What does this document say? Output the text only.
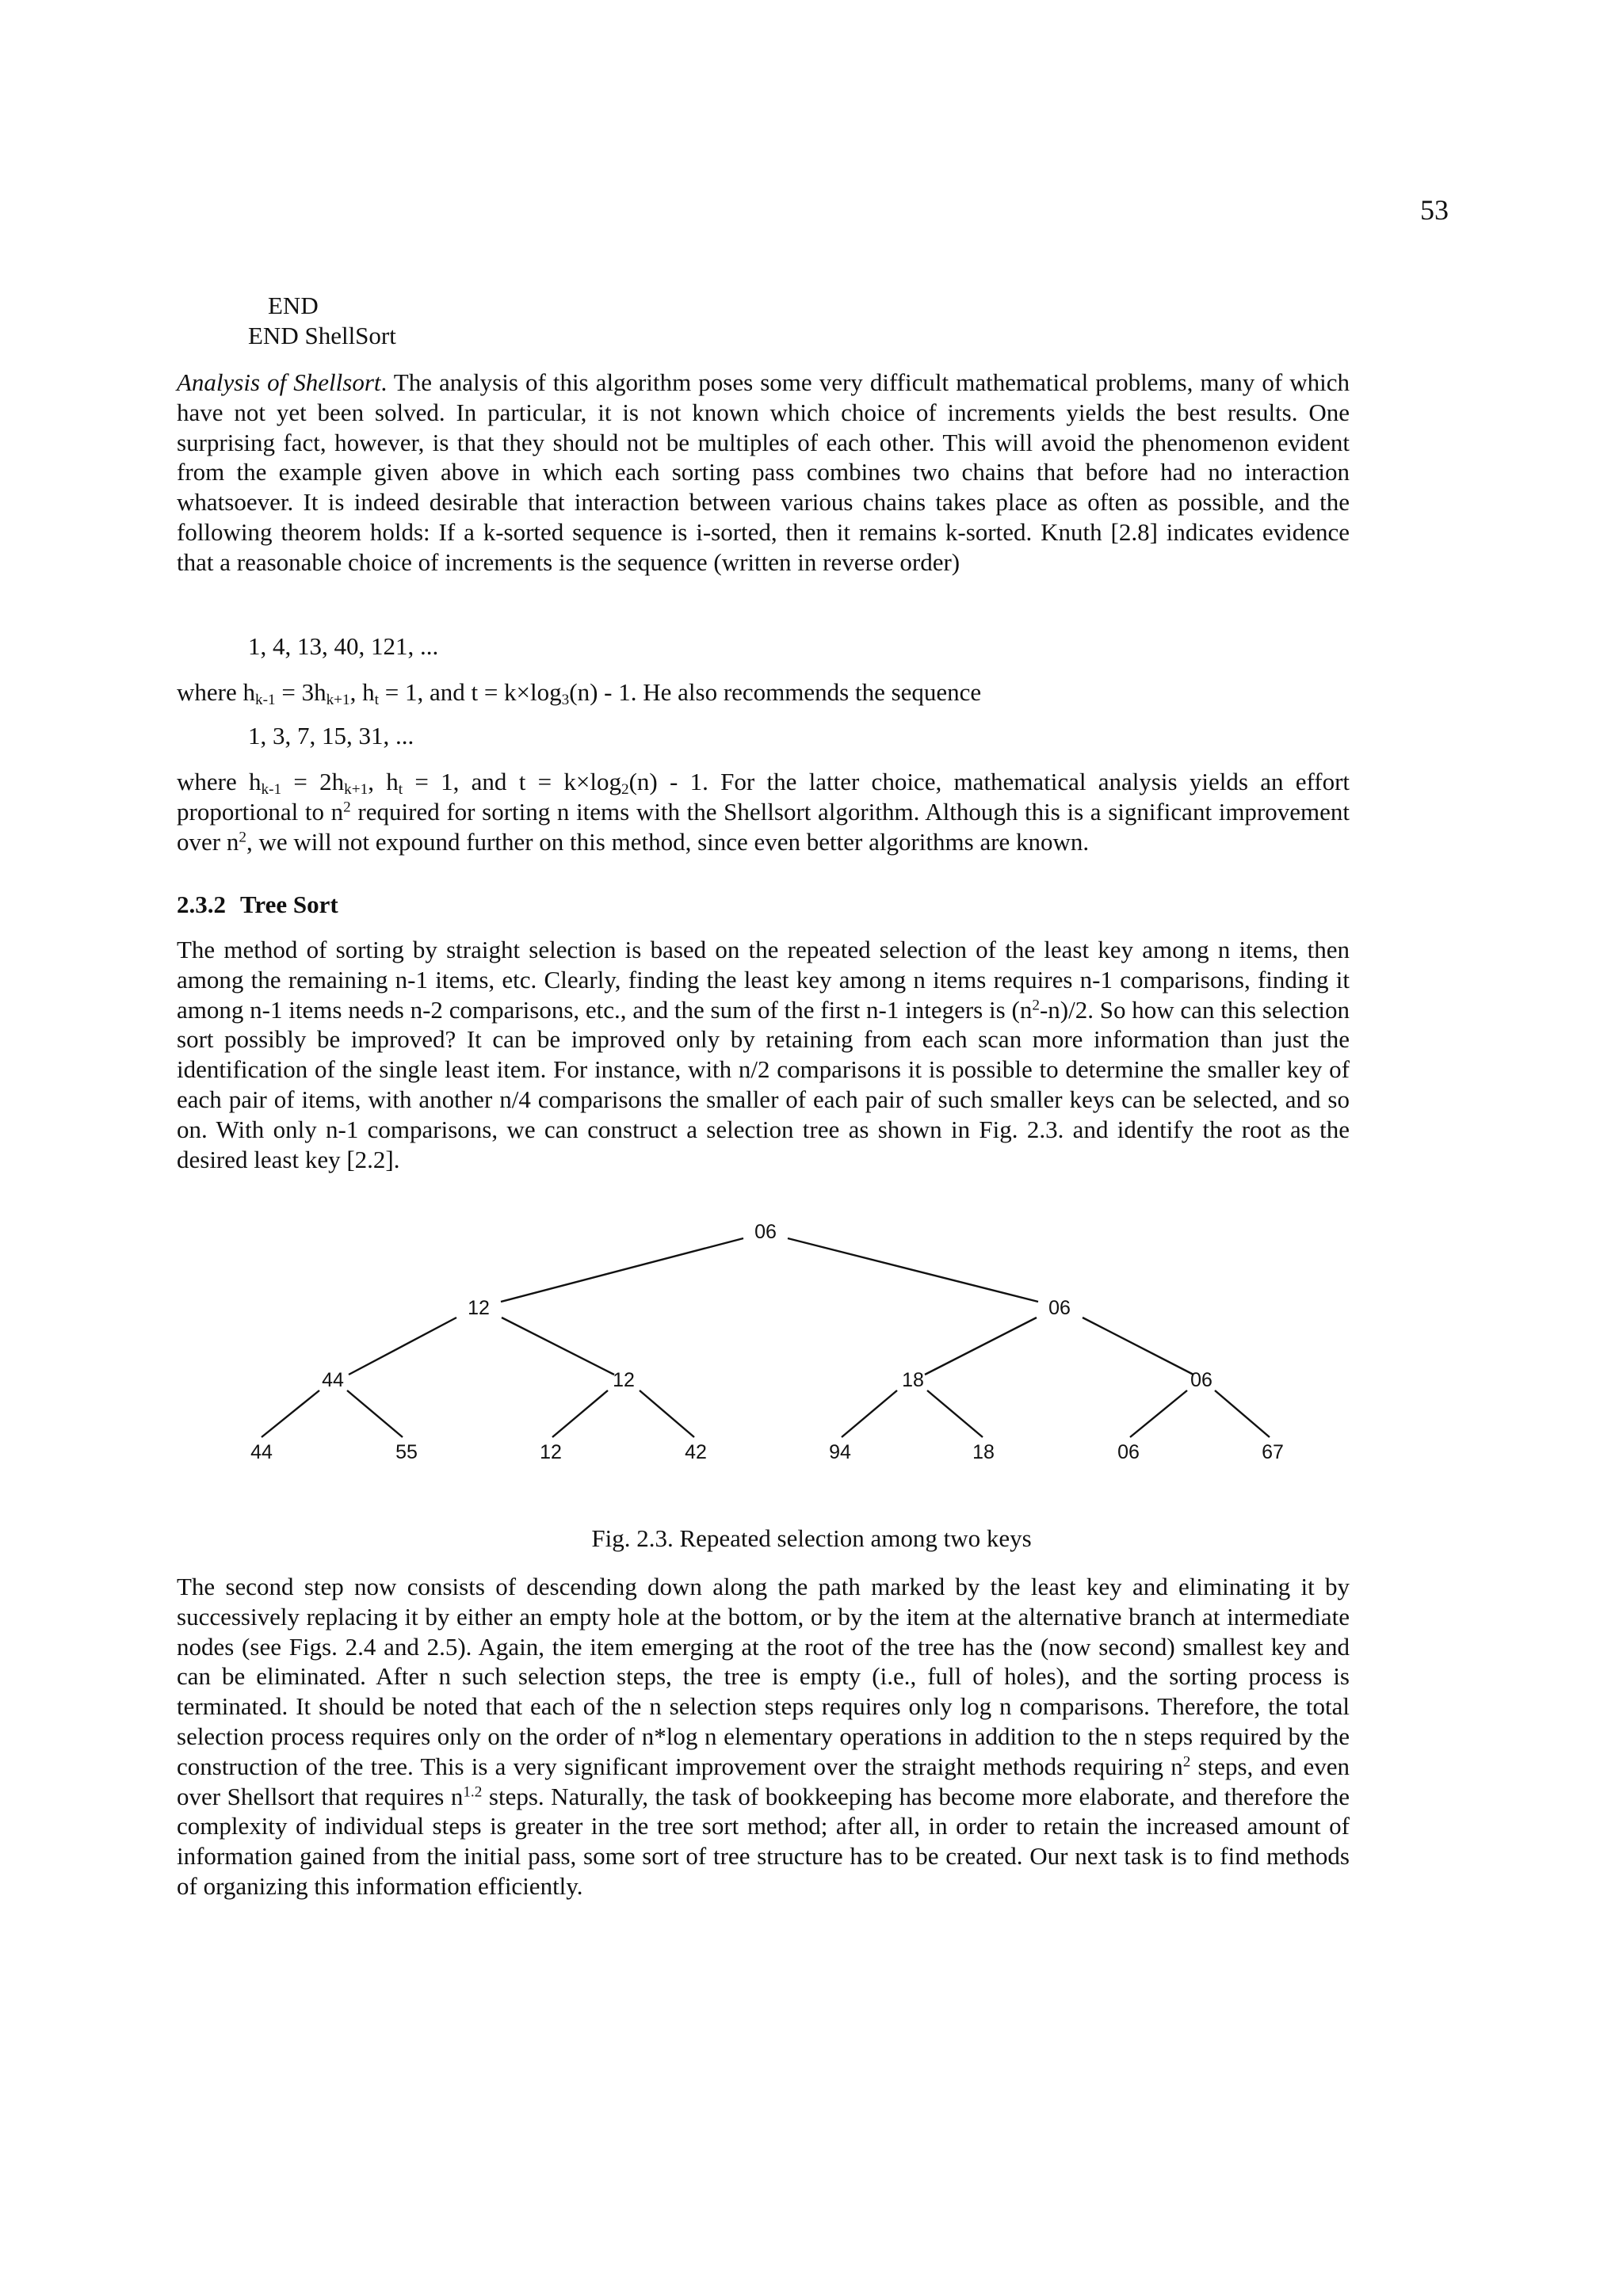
53
END
END ShellSort

Analysis of Shellsort. The analysis of this algorithm poses some very difficult mathematical problems, many of which have not yet been solved. In particular, it is not known which choice of increments yields the best results. One surprising fact, however, is that they should not be multiples of each other. This will avoid the phenomenon evident from the example given above in which each sorting pass combines two chains that before had no interaction whatsoever. It is indeed desirable that interaction between various chains takes place as often as possible, and the following theorem holds: If a k-sorted sequence is i-sorted, then it remains k-sorted. Knuth [2.8] indicates evidence that a reasonable choice of increments is the sequence (written in reverse order)

1, 4, 13, 40, 121, ...

where $h_{k-1} = 3h_{k+1}$, $h_t = 1$, and $t = k\times\log_3(n) - 1$. He also recommends the sequence

1, 3, 7, 15, 31, ...

where $h_{k-1} = 2h_{k+1}$, $h_t = 1$, and $t = k\times\log_2(n) - 1$. For the latter choice, mathematical analysis yields an effort proportional to $n^2$ required for sorting n items with the Shellsort algorithm. Although this is a significant improvement over $n^2$, we will not expound further on this method, since even better algorithms are known.

2.3.2 Tree Sort

The method of sorting by straight selection is based on the repeated selection of the least key among n items, then among the remaining n-1 items, etc. Clearly, finding the least key among n items requires n-1 comparisons, finding it among n-1 items needs n-2 comparisons, etc., and the sum of the first n-1 integers is $(n^2-n)/2$. So how can this selection sort possibly be improved? It can be improved only by retaining from each scan more information than just the identification of the single least item. For instance, with n/2 comparisons it is possible to determine the smaller key of each pair of items, with another n/4 comparisons the smaller of each pair of such smaller keys can be selected, and so on. With only n-1 comparisons, we can construct a selection tree as shown in Fig. 2.3. and identify the root as the desired least key [2.2].

06
12	06
44	12	18	06
44	55	12	42	94	18	06	67
Fig. 2.3. Repeated selection among two keys

The second step now consists of descending down along the path marked by the least key and eliminating it by successively replacing it by either an empty hole at the bottom, or by the item at the alternative branch at intermediate nodes (see Figs. 2.4 and 2.5). Again, the item emerging at the root of the tree has the (now second) smallest key and can be eliminated. After n such selection steps, the tree is empty (i.e., full of holes), and the sorting process is terminated. It should be noted that each of the n selection steps requires only log n comparisons. Therefore, the total selection process requires only on the order of n*log n elementary operations in addition to the n steps required by the construction of the tree. This is a very significant improvement over the straight methods requiring $n^2$ steps, and even over Shellsort that requires $n^{1.2}$ steps. Naturally, the task of bookkeeping has become more elaborate, and therefore the complexity of individual steps is greater in the tree sort method; after all, in order to retain the increased amount of information gained from the initial pass, some sort of tree structure has to be created. Our next task is to find methods of organizing this information efficiently.
